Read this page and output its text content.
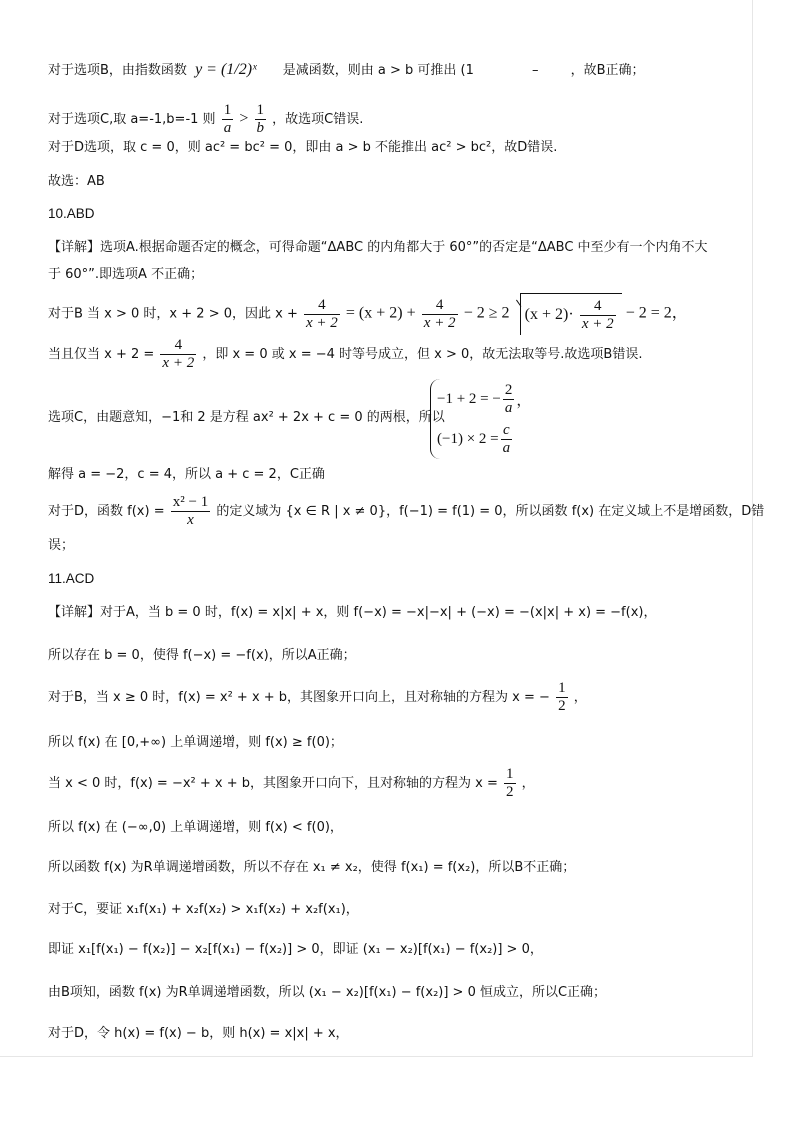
对于选项B，由指数函数 y = (1/2)ˣ 是减函数，则由 a > b 可推出 (1	– ，故B正确；
对于选项C,取 a=-1,b=-1 则 $\frac{1}{a} > \frac{1}{b}$ ，故选项C错误.
对于D选项，取 c = 0，则 ac² = bc² = 0，即由 a > b 不能推出 ac² > bc²，故D错误.
故选：AB
10.ABD
【详解】选项A.根据命题否定的概念，可得命题“ΔABC 的内角都大于 60°”的否定是“ΔABC 中至少有一个内角不大
于 60°”.即选项A 不正确；
对于B 当 x > 0 时，x + 2 > 0，因此 $x + \frac{4}{x + 2} = (x + 2) + \frac{4}{x + 2} - 2 \ge 2$ $(x + 2)\cdot \frac{4}{x + 2} - 2 = 2$，
当且仅当 $x + 2 = \frac{4}{x + 2}$ ，即 x = 0 或 x = −4 时等号成立，但 x > 0，故无法取等号.故选项B错误.
选项C，由题意知，−1和 2 是方程 ax² + 2x + c = 0 的两根，所以
−1 + 2 = − $\frac{2}{a}$ ，
$(-1) \times 2 = \frac{c}{a}$
解得 a = −2，c = 4，所以 a + c = 2，C正确
对于D，函数 $f(x) = \frac{\text{x² − 1}}{x}$ 的定义域为 {x ∈ R | x ≠ 0}，f(−1) = f(1) = 0，所以函数 f(x) 在定义域上不是增函数，D错
误；
11.ACD
【详解】对于A，当 b = 0 时，f(x) = x|x| + x，则 f(−x) = −x|−x| + (−x) = −(x|x| + x) = −f(x)，
所以存在 b = 0，使得 f(−x) = −f(x)，所以A正确；
对于B，当 x ≥ 0 时，f(x) = x² + x + b，其图象开口向上，且对称轴的方程为 x = − $\frac{1}{2}$ ，
所以 f(x) 在 [0,+∞) 上单调递增，则 f(x) ≥ f(0)；
当 x < 0 时，f(x) = −x² + x + b，其图象开口向下，且对称轴的方程为 $x = \frac{1}{2}$ ，
所以 f(x) 在 (−∞,0) 上单调递增，则 f(x) < f(0)，
所以函数 f(x) 为R单调递增函数，所以不存在 x₁ ≠ x₂，使得 f(x₁) = f(x₂)，所以B不正确；
对于C，要证 x₁f(x₁) + x₂f(x₂) > x₁f(x₂) + x₂f(x₁)，
即证 x₁[f(x₁) − f(x₂)] − x₂[f(x₁) − f(x₂)] > 0，即证 (x₁ − x₂)[f(x₁) − f(x₂)] > 0，
由B项知，函数 f(x) 为R单调递增函数，所以 (x₁ − x₂)[f(x₁) − f(x₂)] > 0 恒成立，所以C正确；
对于D，令 h(x) = f(x) − b，则 h(x) = x|x| + x，
